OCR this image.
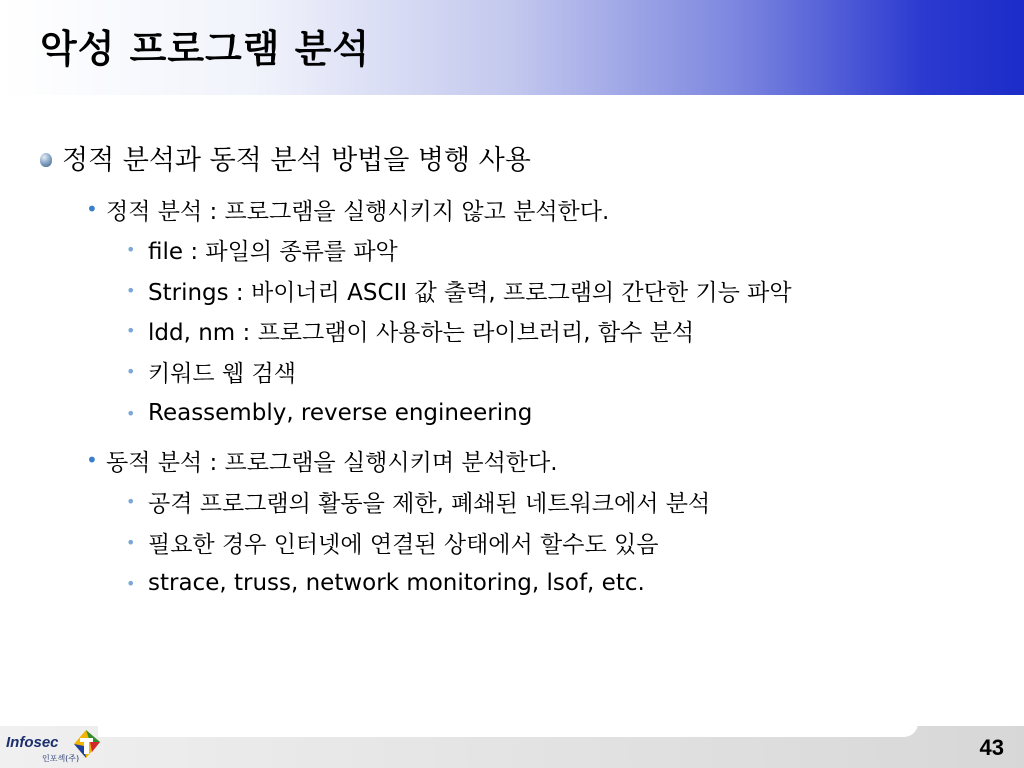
악성 프로그램 분석
정적 분석과 동적 분석 방법을 병행 사용
• 정적 분석 : 프로그램을 실행시키지 않고 분석한다.
• file : 파일의 종류를 파악
• Strings : 바이너리 ASCII 값 출력, 프로그램의 간단한 기능 파악
• ldd, nm : 프로그램이 사용하는 라이브러리, 함수 분석
• 키워드 웹 검색
• Reassembly, reverse engineering
• 동적 분석 : 프로그램을 실행시키며 분석한다.
• 공격 프로그램의 활동을 제한, 폐쇄된 네트워크에서 분석
• 필요한 경우 인터넷에 연결된 상태에서 할수도 있음
• strace, truss, network monitoring, lsof, etc.
Infosec
인포섹(주)	43
